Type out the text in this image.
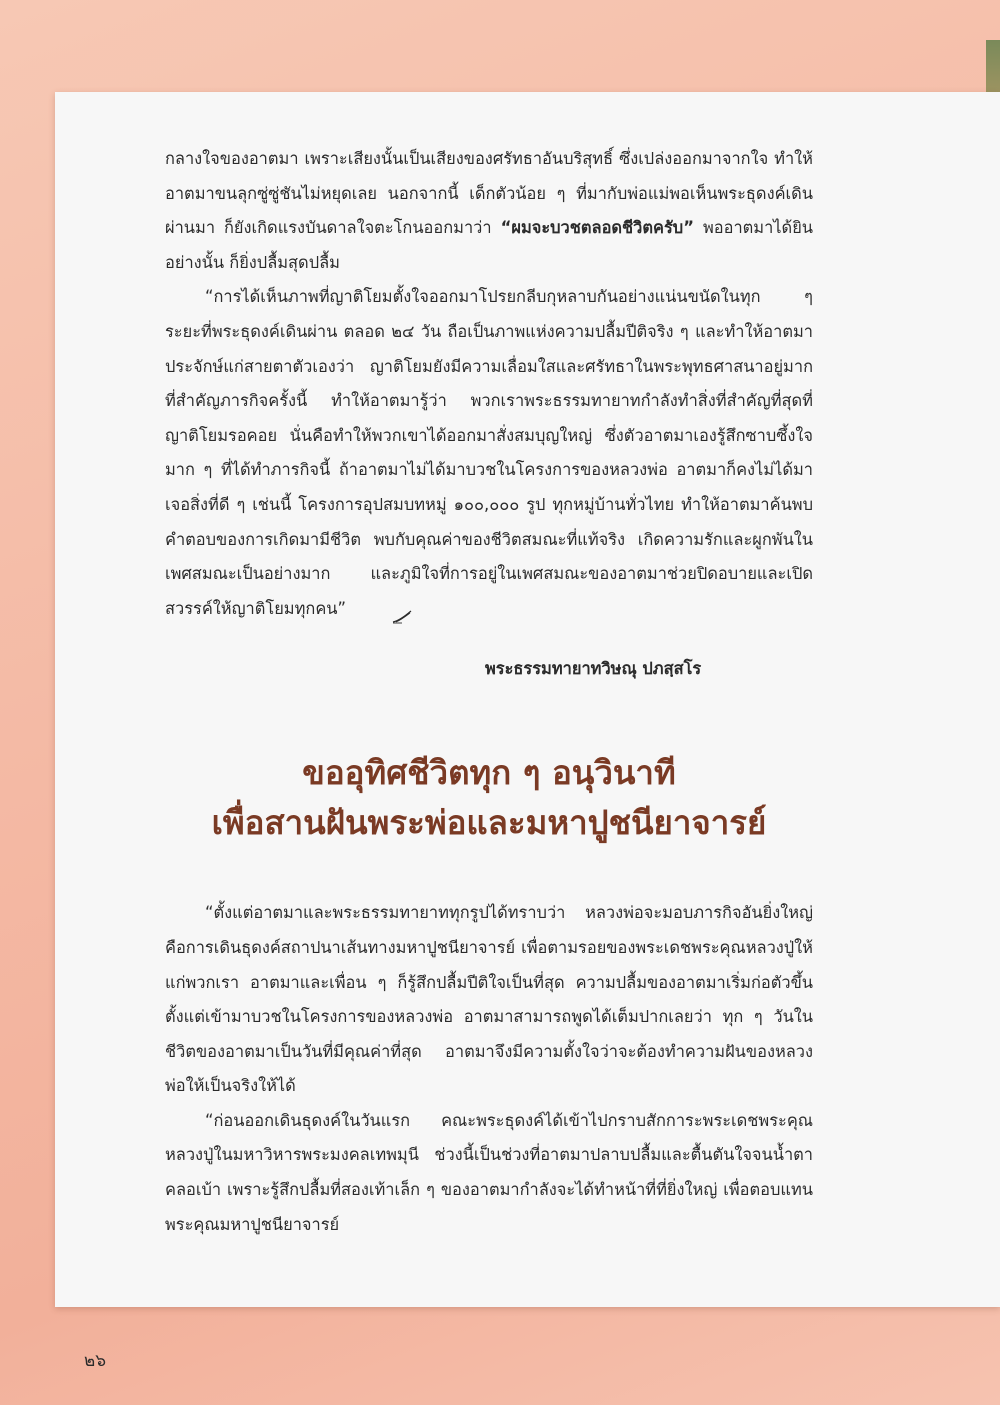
กลางใจของอาตมา เพราะเสียงนั้นเป็นเสียงของศรัทธาอันบริสุทธิ์ ซึ่งเปล่งออกมาจากใจ ทำให้อาตมาขนลุกซู่ซู่ชันไม่หยุดเลย นอกจากนี้ เด็กตัวน้อย ๆ ที่มากับพ่อแม่พอเห็นพระธุดงค์เดินผ่านมา ก็ยังเกิดแรงบันดาลใจตะโกนออกมาว่า “ผมจะบวชตลอดชีวิตครับ” พออาตมาได้ยินอย่างนั้น ก็ยิ่งปลื้มสุดปลื้ม

“การได้เห็นภาพที่ญาติโยมตั้งใจออกมาโปรยกลีบกุหลาบกันอย่างแน่นขนัดในทุก ๆ ระยะที่พระธุดงค์เดินผ่าน ตลอด ๒๔ วัน ถือเป็นภาพแห่งความปลื้มปีติจริง ๆ และทำให้อาตมาประจักษ์แก่สายตาตัวเองว่า ญาติโยมยังมีความเลื่อมใสและศรัทธาในพระพุทธศาสนาอยู่มาก ที่สำคัญภารกิจครั้งนี้ ทำให้อาตมารู้ว่า พวกเราพระธรรมทายาทกำลังทำสิ่งที่สำคัญที่สุดที่ญาติโยมรอคอย นั่นคือทำให้พวกเขาได้ออกมาสั่งสมบุญใหญ่ ซึ่งตัวอาตมาเองรู้สึกซาบซึ้งใจมาก ๆ ที่ได้ทำภารกิจนี้ ถ้าอาตมาไม่ได้มาบวชในโครงการของหลวงพ่อ อาตมาก็คงไม่ได้มาเจอสิ่งที่ดี ๆ เช่นนี้ โครงการอุปสมบทหมู่ ๑๐๐,๐๐๐ รูป ทุกหมู่บ้านทั่วไทย ทำให้อาตมาค้นพบคำตอบของการเกิดมามีชีวิต พบกับคุณค่าของชีวิตสมณะที่แท้จริง เกิดความรักและผูกพันในเพศสมณะเป็นอย่างมาก และภูมิใจที่การอยู่ในเพศสมณะของอาตมาช่วยปิดอบายและเปิดสวรรค์ให้ญาติโยมทุกคน”

พระธรรมทายาทวิษณุ ปภสฺสโร

ขออุทิศชีวิตทุก ๆ อนุวินาที
เพื่อสานฝันพระพ่อและมหาปูชนียาจารย์

“ตั้งแต่อาตมาและพระธรรมทายาททุกรูปได้ทราบว่า หลวงพ่อจะมอบภารกิจอันยิ่งใหญ่ คือการเดินธุดงค์สถาปนาเส้นทางมหาปูชนียาจารย์ เพื่อตามรอยของพระเดชพระคุณหลวงปู่ให้แก่พวกเรา อาตมาและเพื่อน ๆ ก็รู้สึกปลื้มปีติใจเป็นที่สุด ความปลื้มของอาตมาเริ่มก่อตัวขึ้นตั้งแต่เข้ามาบวชในโครงการของหลวงพ่อ อาตมาสามารถพูดได้เต็มปากเลยว่า ทุก ๆ วันในชีวิตของอาตมาเป็นวันที่มีคุณค่าที่สุด อาตมาจึงมีความตั้งใจว่าจะต้องทำความฝันของหลวงพ่อให้เป็นจริงให้ได้

“ก่อนออกเดินธุดงค์ในวันแรก คณะพระธุดงค์ได้เข้าไปกราบสักการะพระเดชพระคุณหลวงปู่ในมหาวิหารพระมงคลเทพมุนี ช่วงนี้เป็นช่วงที่อาตมาปลาบปลื้มและตื้นตันใจจนน้ำตาคลอเบ้า เพราะรู้สึกปลื้มที่สองเท้าเล็ก ๆ ของอาตมากำลังจะได้ทำหน้าที่ที่ยิ่งใหญ่ เพื่อตอบแทนพระคุณมหาปูชนียาจารย์

๒๖
